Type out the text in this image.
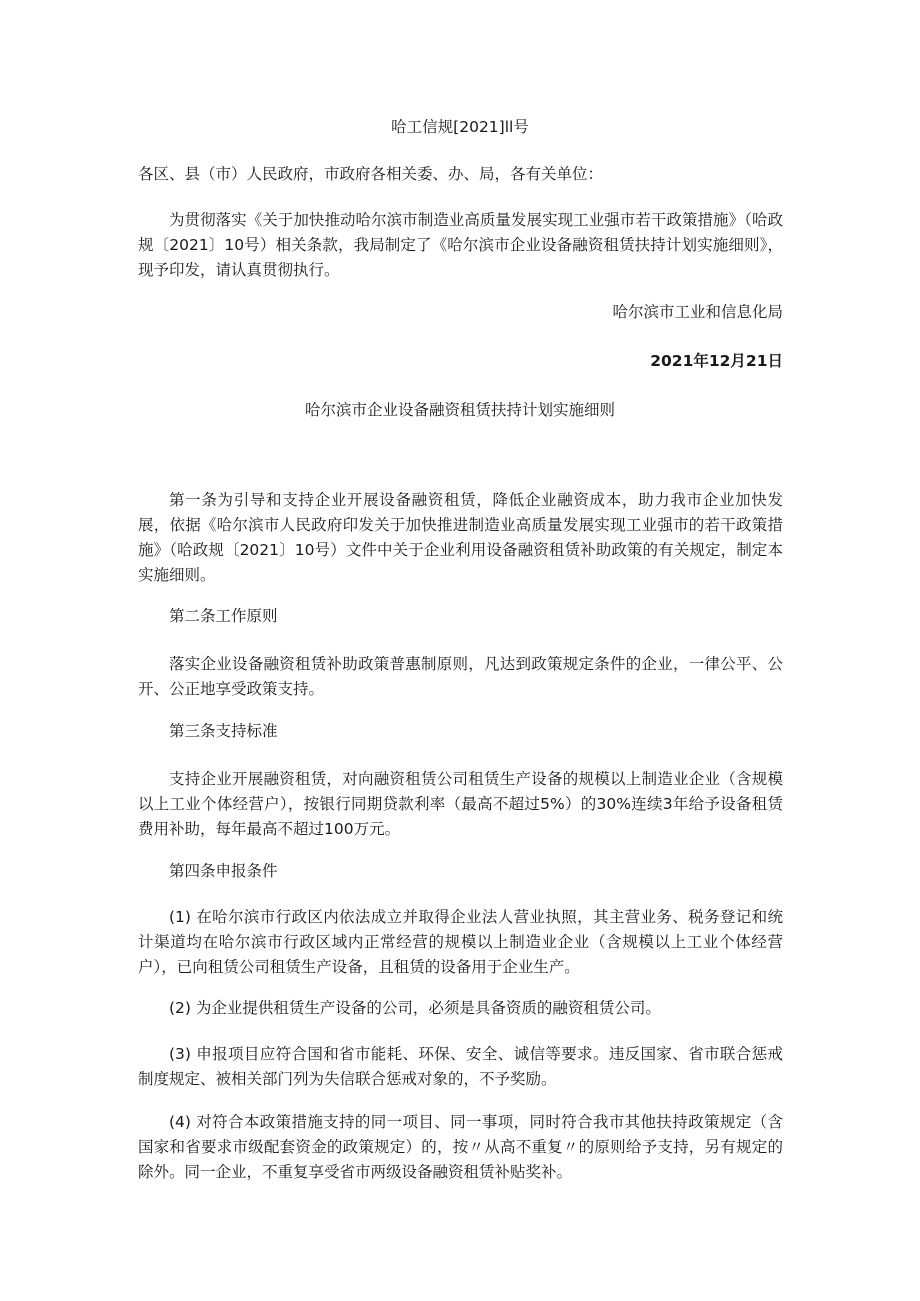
哈工信规[2021]ll号

各区、县（市）人民政府，市政府各相关委、办、局，各有关单位：

为贯彻落实《关于加快推动哈尔滨市制造业高质量发展实现工业强市若干政策措施》（哈政规〔2021〕10号）相关条款，我局制定了《哈尔滨市企业设备融资租赁扶持计划实施细则》，现予印发，请认真贯彻执行。

哈尔滨市工业和信息化局

2021年12月21日

哈尔滨市企业设备融资租赁扶持计划实施细则

第一条为引导和支持企业开展设备融资租赁，降低企业融资成本，助力我市企业加快发展，依据《哈尔滨市人民政府印发关于加快推进制造业高质量发展实现工业强市的若干政策措施》（哈政规〔2021〕10号）文件中关于企业利用设备融资租赁补助政策的有关规定，制定本实施细则。

第二条工作原则

落实企业设备融资租赁补助政策普惠制原则，凡达到政策规定条件的企业，一律公平、公开、公正地享受政策支持。

第三条支持标准

支持企业开展融资租赁，对向融资租赁公司租赁生产设备的规模以上制造业企业（含规模以上工业个体经营户），按银行同期贷款利率（最高不超过5%）的30%连续3年给予设备租赁费用补助，每年最高不超过100万元。

第四条申报条件

(1) 在哈尔滨市行政区内依法成立并取得企业法人营业执照，其主营业务、税务登记和统计渠道均在哈尔滨市行政区域内正常经营的规模以上制造业企业（含规模以上工业个体经营户），已向租赁公司租赁生产设备，且租赁的设备用于企业生产。

(2) 为企业提供租赁生产设备的公司，必须是具备资质的融资租赁公司。

(3) 申报项目应符合国和省市能耗、环保、安全、诚信等要求。违反国家、省市联合惩戒制度规定、被相关部门列为失信联合惩戒对象的，不予奖励。

(4) 对符合本政策措施支持的同一项目、同一事项，同时符合我市其他扶持政策规定（含国家和省要求市级配套资金的政策规定）的，按〃从高不重复〃的原则给予支持，另有规定的除外。同一企业，不重复享受省市两级设备融资租赁补贴奖补。
